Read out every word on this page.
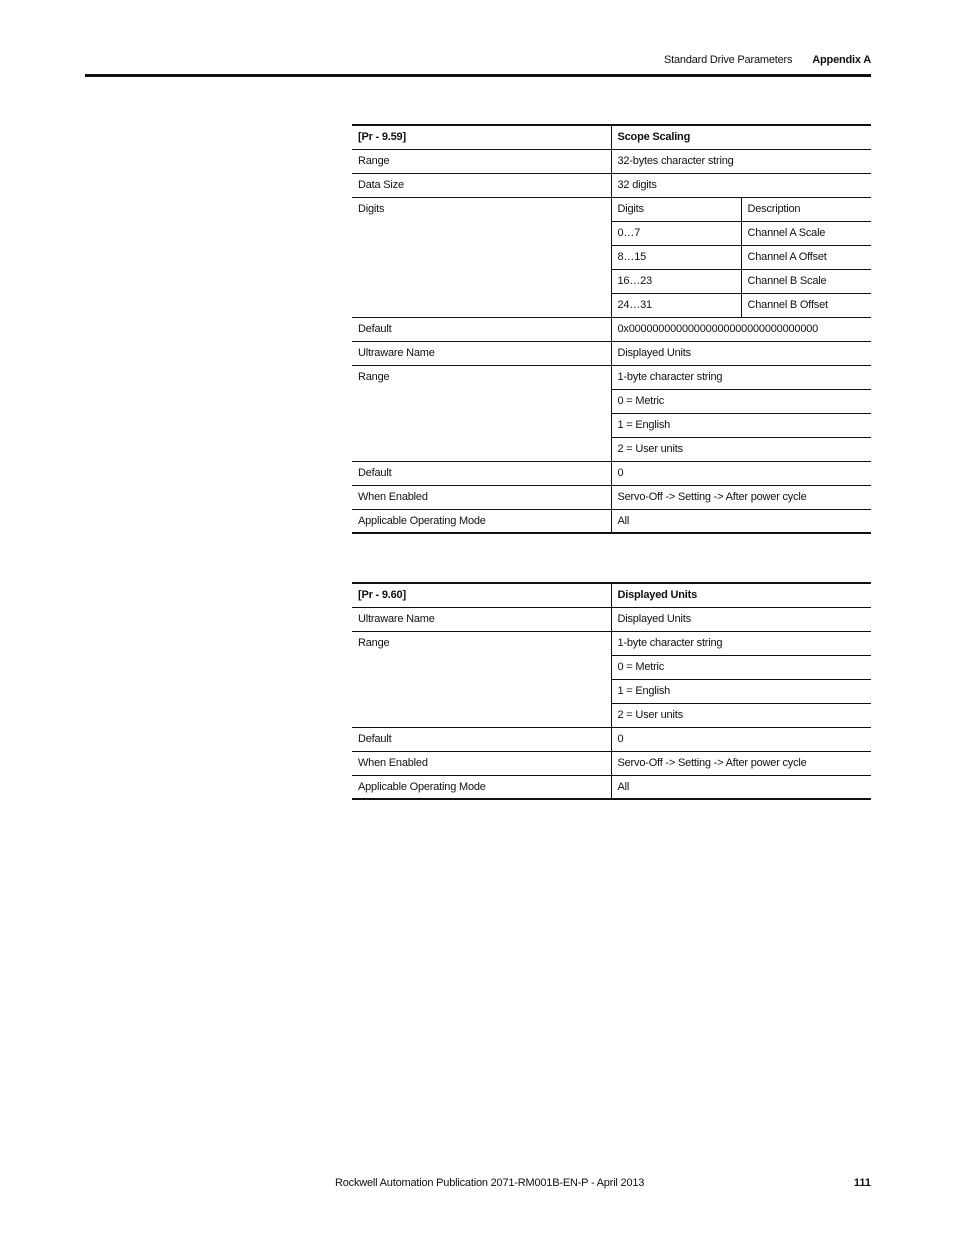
Standard Drive Parameters Appendix A
[Pr - 9.59]	Scope Scaling	
Range	32-bytes character string	
Data Size	32 digits	
Digits	Digits	Description
	0…7	Channel A Scale
	8…15	Channel A Offset
	16…23	Channel B Scale
	24…31	Channel B Offset
Default	0x00000000000000000000000000000000	
Ultraware Name	Displayed Units	
Range	1-byte character string	
	0 = Metric	
	1 = English	
	2 = User units	
Default	0	
When Enabled	Servo-Off -> Setting -> After power cycle	
Applicable Operating Mode	All	
[Pr - 9.60]	Displayed Units
Ultraware Name	Displayed Units
Range	1-byte character string
	0 = Metric
	1 = English
	2 = User units
Default	0
When Enabled	Servo-Off -> Setting -> After power cycle
Applicable Operating Mode	All
Rockwell Automation Publication 2071-RM001B-EN-P - April 2013	111
